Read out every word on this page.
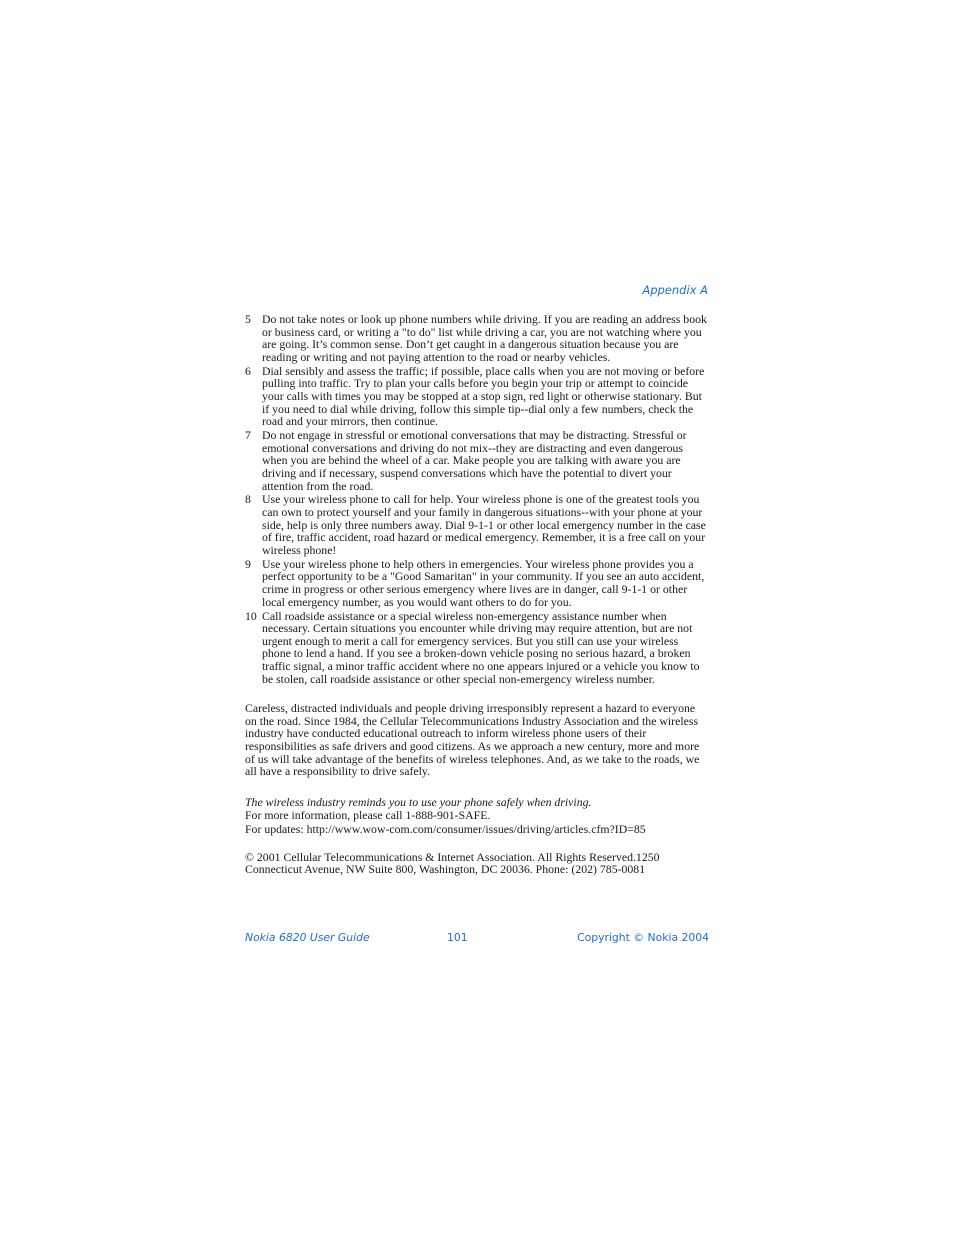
Appendix A
5 Do not take notes or look up phone numbers while driving. If you are reading an address book or business card, or writing a "to do" list while driving a car, you are not watching where you are going. It’s common sense. Don’t get caught in a dangerous situation because you are reading or writing and not paying attention to the road or nearby vehicles.
6 Dial sensibly and assess the traffic; if possible, place calls when you are not moving or before pulling into traffic. Try to plan your calls before you begin your trip or attempt to coincide your calls with times you may be stopped at a stop sign, red light or otherwise stationary. But if you need to dial while driving, follow this simple tip--dial only a few numbers, check the road and your mirrors, then continue.
7 Do not engage in stressful or emotional conversations that may be distracting. Stressful or emotional conversations and driving do not mix--they are distracting and even dangerous when you are behind the wheel of a car. Make people you are talking with aware you are driving and if necessary, suspend conversations which have the potential to divert your attention from the road.
8 Use your wireless phone to call for help. Your wireless phone is one of the greatest tools you can own to protect yourself and your family in dangerous situations--with your phone at your side, help is only three numbers away. Dial 9-1-1 or other local emergency number in the case of fire, traffic accident, road hazard or medical emergency. Remember, it is a free call on your wireless phone!
9 Use your wireless phone to help others in emergencies. Your wireless phone provides you a perfect opportunity to be a "Good Samaritan" in your community. If you see an auto accident, crime in progress or other serious emergency where lives are in danger, call 9-1-1 or other local emergency number, as you would want others to do for you.
10 Call roadside assistance or a special wireless non-emergency assistance number when necessary. Certain situations you encounter while driving may require attention, but are not urgent enough to merit a call for emergency services. But you still can use your wireless phone to lend a hand. If you see a broken-down vehicle posing no serious hazard, a broken traffic signal, a minor traffic accident where no one appears injured or a vehicle you know to be stolen, call roadside assistance or other special non-emergency wireless number.

Careless, distracted individuals and people driving irresponsibly represent a hazard to everyone on the road. Since 1984, the Cellular Telecommunications Industry Association and the wireless industry have conducted educational outreach to inform wireless phone users of their responsibilities as safe drivers and good citizens. As we approach a new century, more and more of us will take advantage of the benefits of wireless telephones. And, as we take to the roads, we all have a responsibility to drive safely.

The wireless industry reminds you to use your phone safely when driving.

For more information, please call 1-888-901-SAFE.

For updates: http://www.wow-com.com/consumer/issues/driving/articles.cfm?ID=85

© 2001 Cellular Telecommunications & Internet Association. All Rights Reserved.1250 Connecticut Avenue, NW Suite 800, Washington, DC 20036. Phone: (202) 785-0081

Nokia 6820 User Guide	101	Copyright © Nokia 2004
